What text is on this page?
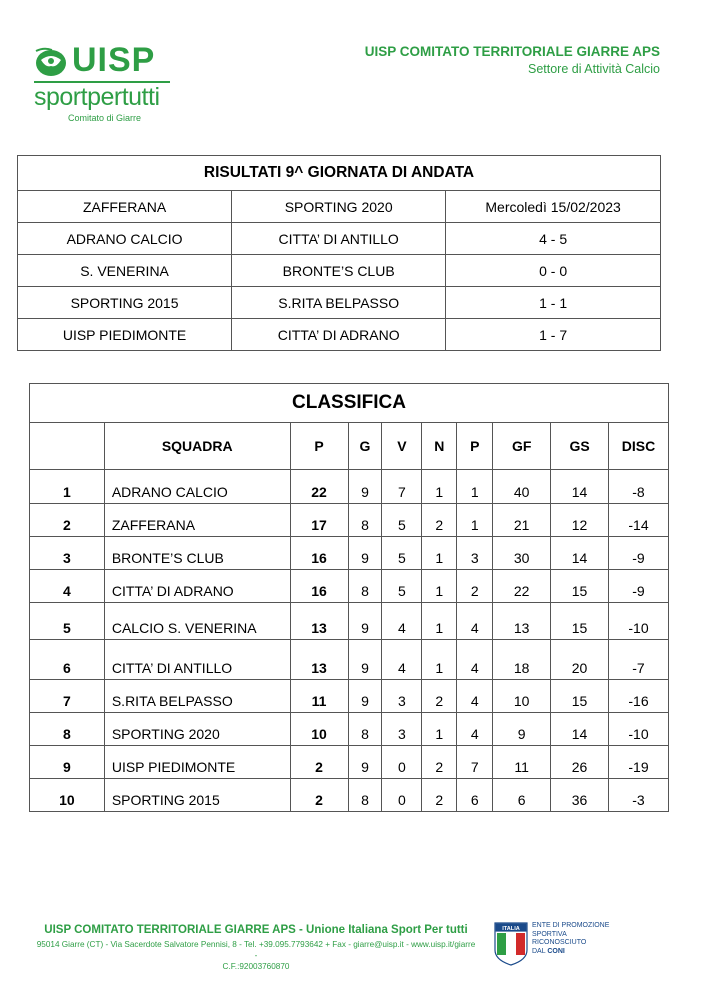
UISP
sportpertutti
Comitato di Giarre
UISP COMITATO TERRITORIALE GIARRE APS
Settore di Attività Calcio
RISULTATI 9^ GIORNATA DI ANDATA		
ZAFFERANA	SPORTING 2020	Mercoledì 15/02/2023
ADRANO CALCIO	CITTA’ DI ANTILLO	4 - 5
S. VENERINA	BRONTE’S CLUB	0 - 0
SPORTING 2015	S.RITA BELPASSO	1 - 1
UISP PIEDIMONTE	CITTA’ DI ADRANO	1 - 7
CLASSIFICA									
	SQUADRA	P	G	V	N	P	GF	GS	DISC
1	ADRANO CALCIO	22	9	7	1	1	40	14	-8
2	ZAFFERANA	17	8	5	2	1	21	12	-14
3	BRONTE’S CLUB	16	9	5	1	3	30	14	-9
4	CITTA’ DI ADRANO	16	8	5	1	2	22	15	-9
5	CALCIO S. VENERINA	13	9	4	1	4	13	15	-10
6	CITTA’ DI ANTILLO	13	9	4	1	4	18	20	-7
7	S.RITA BELPASSO	11	9	3	2	4	10	15	-16
8	SPORTING 2020	10	8	3	1	4	9	14	-10
9	UISP PIEDIMONTE	2	9	0	2	7	11	26	-19
10	SPORTING 2015	2	8	0	2	6	6	36	-3
UISP COMITATO TERRITORIALE GIARRE APS - Unione Italiana Sport Per tutti
95014 Giarre (CT) - Via Sacerdote Salvatore Pennisi, 8 - Tel. +39.095.7793642 + Fax - giarre@uisp.it - www.uisp.it/giarre -
C.F.:92003760870
ITALIA ENTE DI PROMOZIONE
SPORTIVA
RICONOSCIUTO
DAL CONI
